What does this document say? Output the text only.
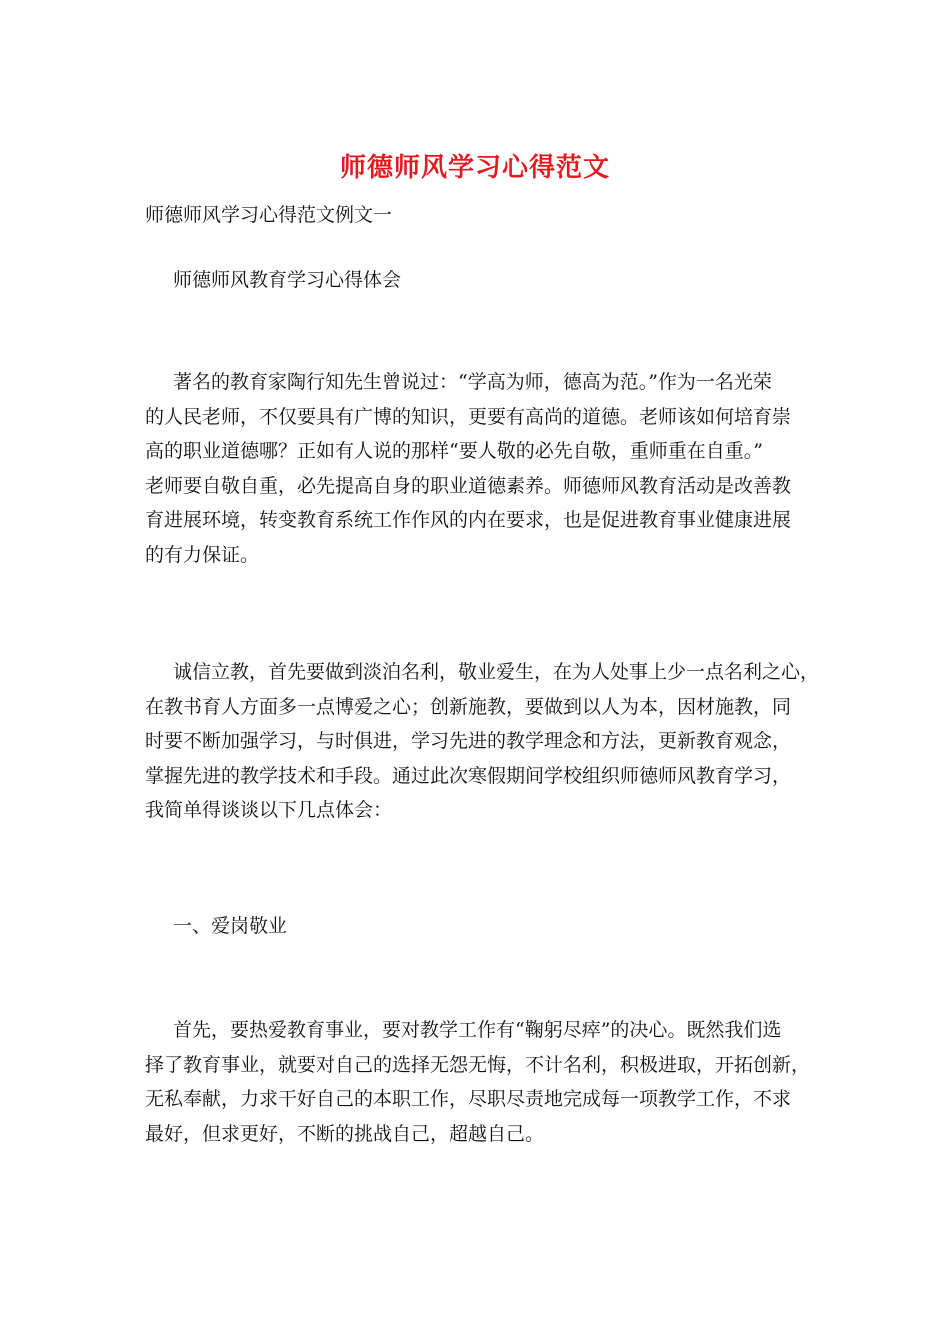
师德师风学习心得范文
师德师风学习心得范文例文一
师德师风教育学习心得体会
著名的教育家陶行知先生曾说过：“学高为师，德高为范。”作为一名光荣
的人民老师，不仅要具有广博的知识，更要有高尚的道德。老师该如何培育崇
高的职业道德哪？正如有人说的那样“要人敬的必先自敬，重师重在自重。”
老师要自敬自重，必先提高自身的职业道德素养。师德师风教育活动是改善教
育进展环境，转变教育系统工作作风的内在要求，也是促进教育事业健康进展
的有力保证。
诚信立教，首先要做到淡泊名利，敬业爱生，在为人处事上少一点名利之心，
在教书育人方面多一点博爱之心；创新施教，要做到以人为本，因材施教，同
时要不断加强学习，与时俱进，学习先进的教学理念和方法，更新教育观念，
掌握先进的教学技术和手段。通过此次寒假期间学校组织师德师风教育学习，
我简单得谈谈以下几点体会：
一、爱岗敬业
首先，要热爱教育事业，要对教学工作有“鞠躬尽瘁”的决心。既然我们选
择了教育事业，就要对自己的选择无怨无悔，不计名利，积极进取，开拓创新，
无私奉献，力求干好自己的本职工作，尽职尽责地完成每一项教学工作，不求
最好，但求更好，不断的挑战自己，超越自己。
